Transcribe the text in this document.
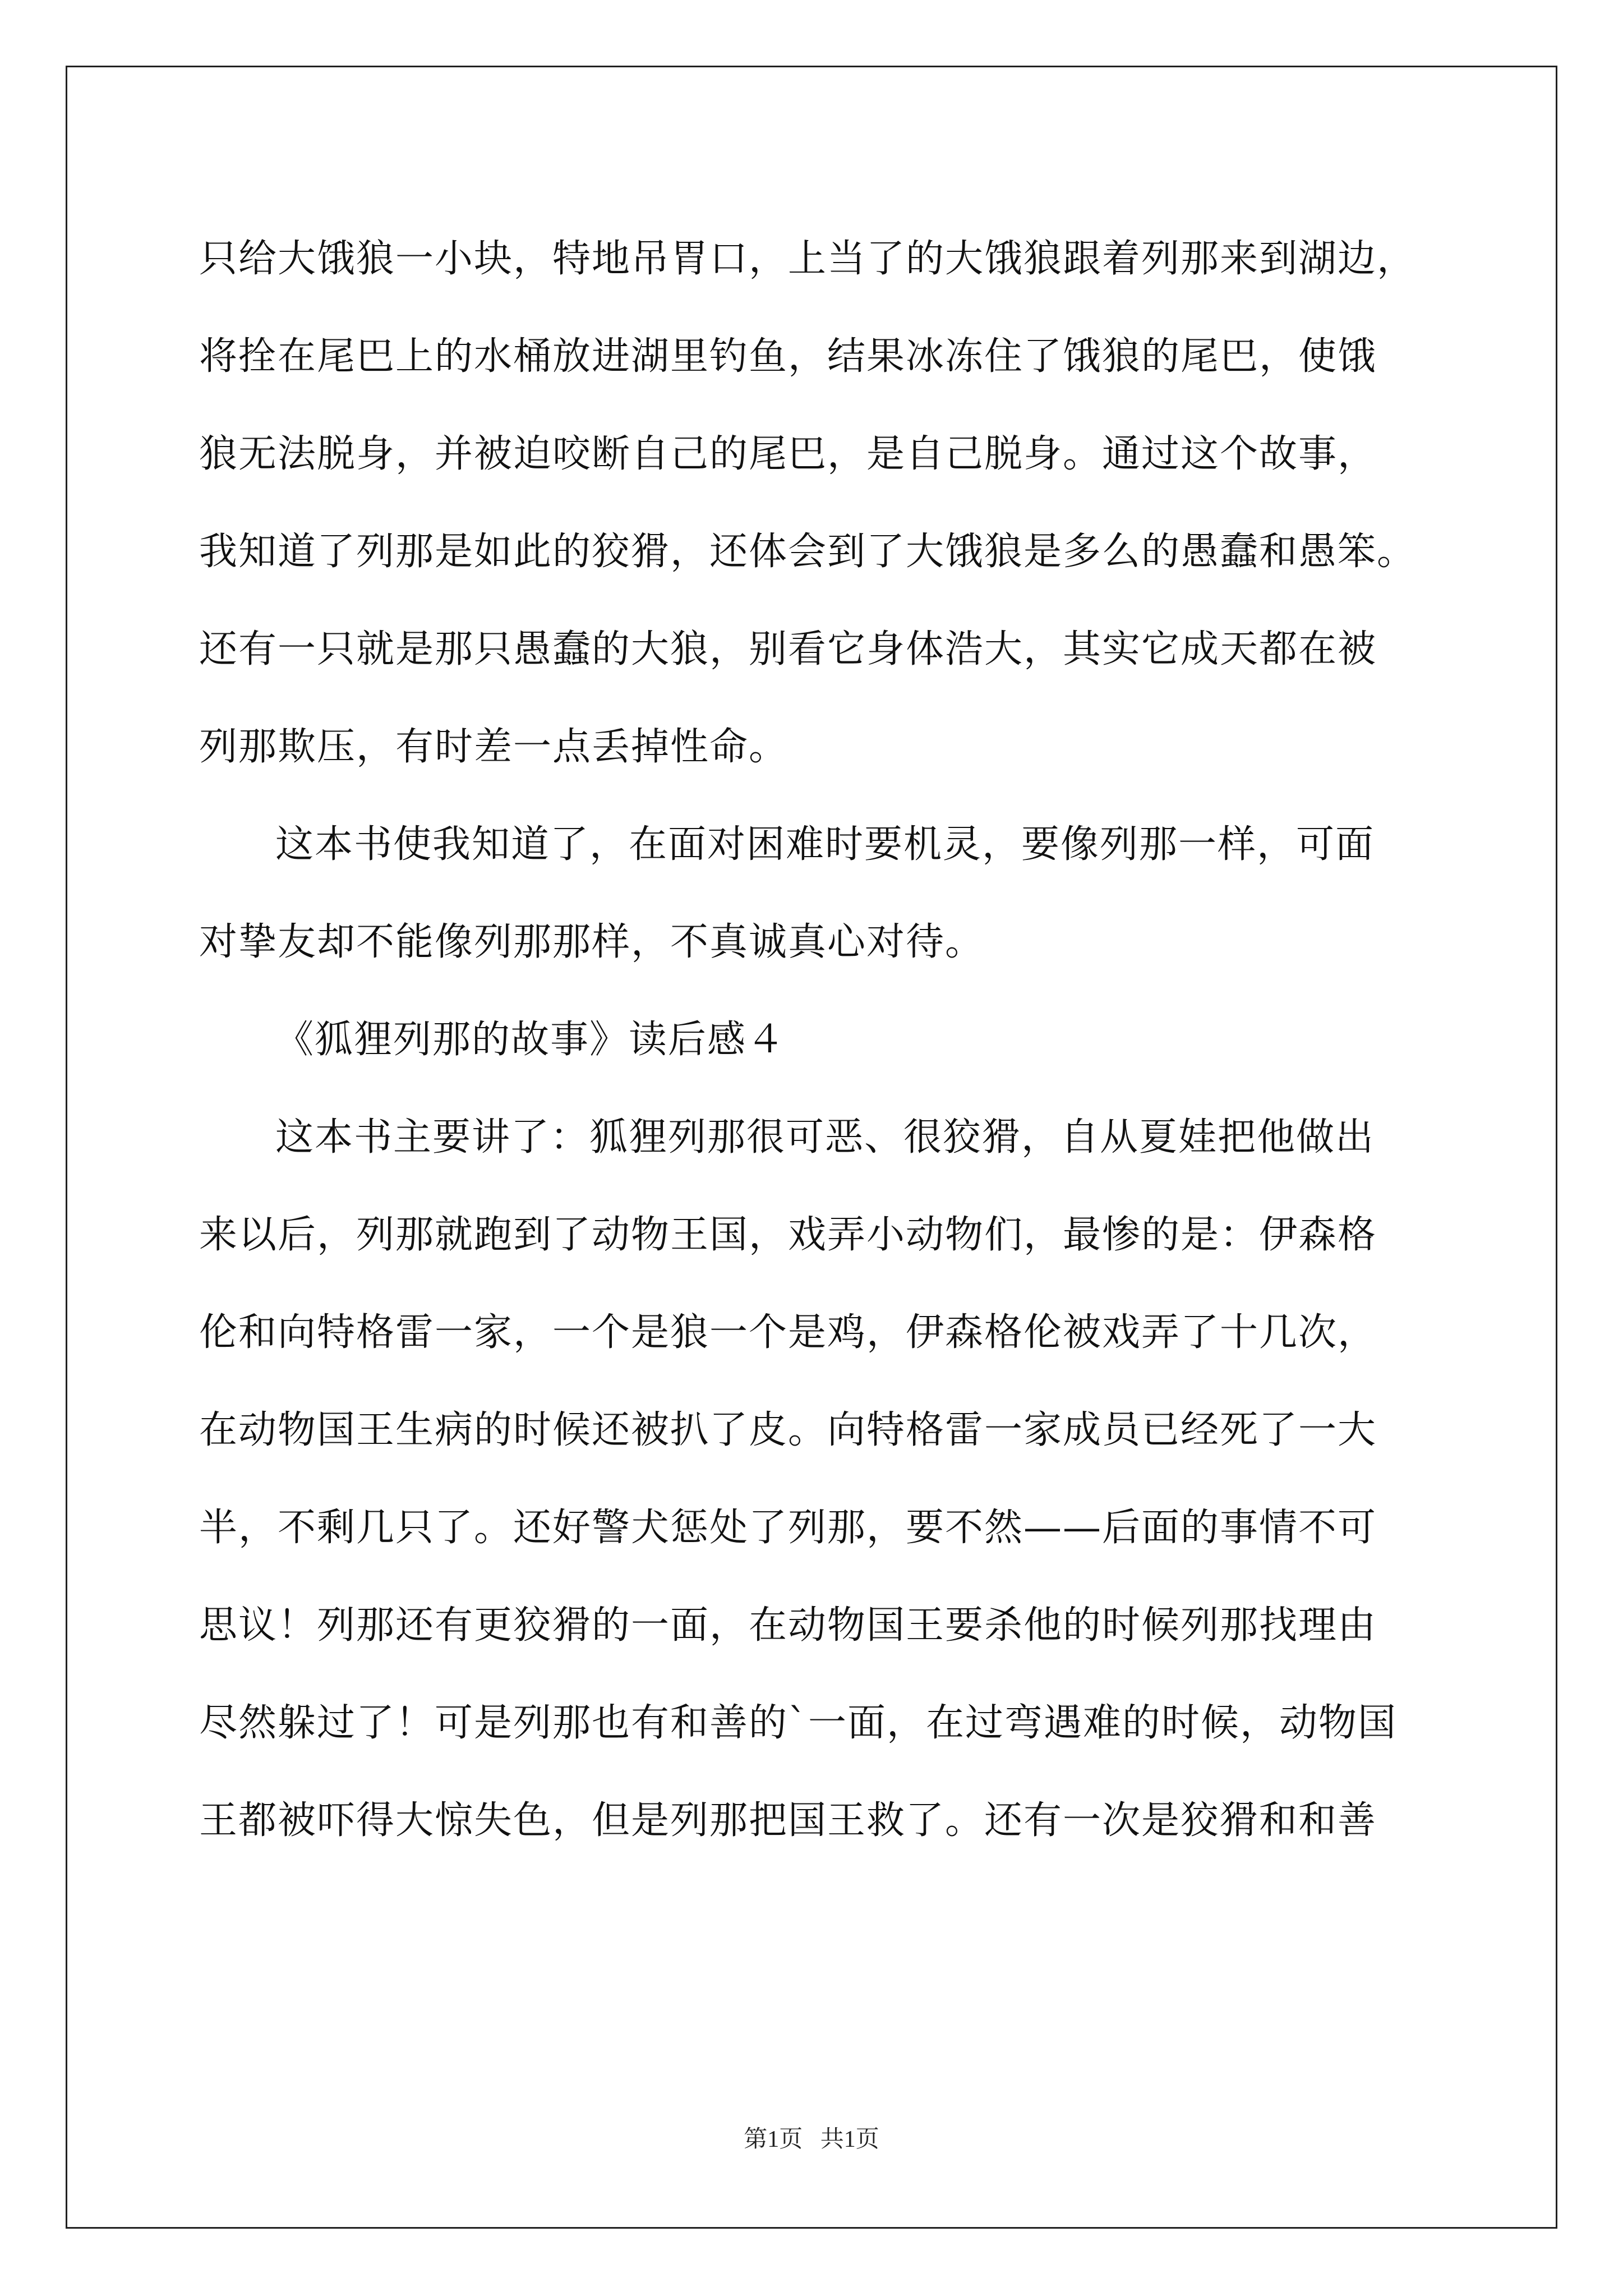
只给大饿狼一小块，特地吊胃口，上当了的大饿狼跟着列那来到湖边，
将拴在尾巴上的水桶放进湖里钓鱼，结果冰冻住了饿狼的尾巴，使饿
狼无法脱身，并被迫咬断自己的尾巴，是自己脱身。通过这个故事，
我知道了列那是如此的狡猾，还体会到了大饿狼是多么的愚蠢和愚笨。
还有一只就是那只愚蠢的大狼，别看它身体浩大，其实它成天都在被
列那欺压，有时差一点丢掉性命。
这本书使我知道了，在面对困难时要机灵，要像列那一样，可面
对挚友却不能像列那那样，不真诚真心对待。
《狐狸列那的故事》读后感４
这本书主要讲了：狐狸列那很可恶、很狡猾，自从夏娃把他做出
来以后，列那就跑到了动物王国，戏弄小动物们，最惨的是：伊森格
伦和向特格雷一家，一个是狼一个是鸡，伊森格伦被戏弄了十几次，
在动物国王生病的时候还被扒了皮。向特格雷一家成员已经死了一大
半，不剩几只了。还好警犬惩处了列那，要不然——后面的事情不可
思议！列那还有更狡猾的一面，在动物国王要杀他的时候列那找理由
尽然躲过了！可是列那也有和善的`一面，在过弯遇难的时候，动物国
王都被吓得大惊失色，但是列那把国王救了。还有一次是狡猾和和善
第1页   共1页
